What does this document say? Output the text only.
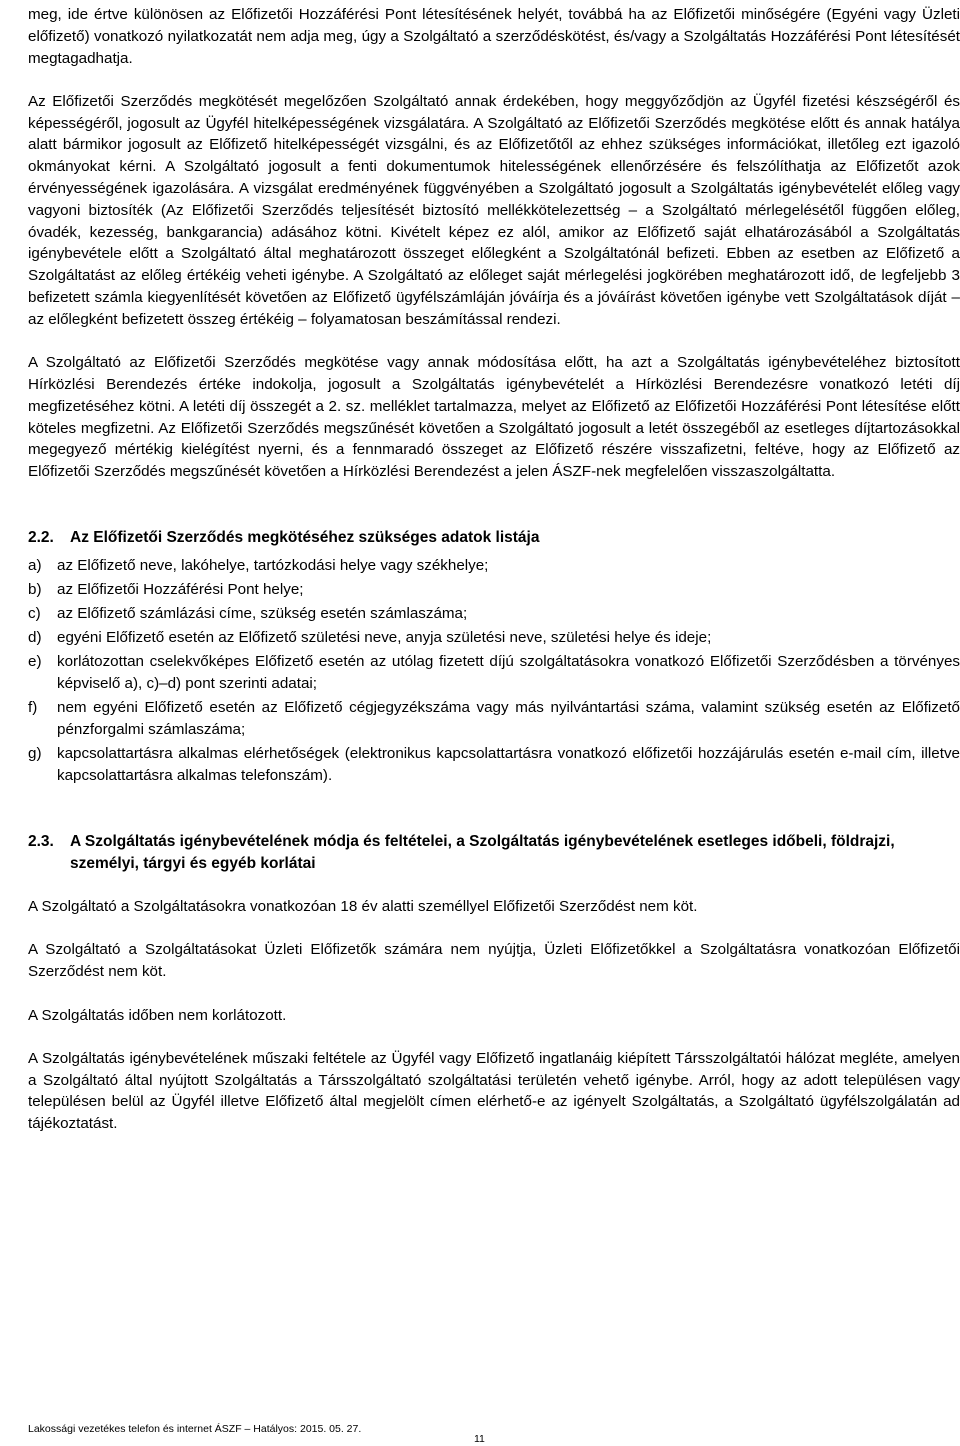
meg, ide értve különösen az Előfizetői Hozzáférési Pont létesítésének helyét, továbbá ha az Előfizetői minőségére (Egyéni vagy Üzleti előfizető) vonatkozó nyilatkozatát nem adja meg, úgy a Szolgáltató a szerződéskötést, és/vagy a Szolgáltatás Hozzáférési Pont létesítését megtagadhatja.

Az Előfizetői Szerződés megkötését megelőzően Szolgáltató annak érdekében, hogy meggyőződjön az Ügyfél fizetési készségéről és képességéről, jogosult az Ügyfél hitelképességének vizsgálatára. A Szolgáltató az Előfizetői Szerződés megkötése előtt és annak hatálya alatt bármikor jogosult az Előfizető hitelképességét vizsgálni, és az Előfizetőtől az ehhez szükséges információkat, illetőleg ezt igazoló okmányokat kérni. A Szolgáltató jogosult a fenti dokumentumok hitelességének ellenőrzésére és felszólíthatja az Előfizetőt azok érvényességének igazolására. A vizsgálat eredményének függvényében a Szolgáltató jogosult a Szolgáltatás igénybevételét előleg vagy vagyoni biztosíték (Az Előfizetői Szerződés teljesítését biztosító mellékkötelezettség – a Szolgáltató mérlegelésétől függően előleg, óvadék, kezesség, bankgarancia) adásához kötni. Kivételt képez ez alól, amikor az Előfizető saját elhatározásából a Szolgáltatás igénybevétele előtt a Szolgáltató által meghatározott összeget előlegként a Szolgáltatónál befizeti. Ebben az esetben az Előfizető a Szolgáltatást az előleg értékéig veheti igénybe. A Szolgáltató az előleget saját mérlegelési jogkörében meghatározott idő, de legfeljebb 3 befizetett számla kiegyenlítését követően az Előfizető ügyfélszámláján jóváírja és a jóváírást követően igénybe vett Szolgáltatások díját – az előlegként befizetett összeg értékéig – folyamatosan beszámítással rendezi.

A Szolgáltató az Előfizetői Szerződés megkötése vagy annak módosítása előtt, ha azt a Szolgáltatás igénybevételéhez biztosított Hírközlési Berendezés értéke indokolja, jogosult a Szolgáltatás igénybevételét a Hírközlési Berendezésre vonatkozó letéti díj megfizetéséhez kötni. A letéti díj összegét a 2. sz. melléklet tartalmazza, melyet az Előfizető az Előfizetői Hozzáférési Pont létesítése előtt köteles megfizetni. Az Előfizetői Szerződés megszűnését követően a Szolgáltató jogosult a letét összegéből az esetleges díjtartozásokkal megegyező mértékig kielégítést nyerni, és a fennmaradó összeget az Előfizető részére visszafizetni, feltéve, hogy az Előfizető az Előfizetői Szerződés megszűnését követően a Hírközlési Berendezést a jelen ÁSZF-nek megfelelően visszaszolgáltatta.

2.2.	Az Előfizetői Szerződés megkötéséhez szükséges adatok listája
a)	az Előfizető neve, lakóhelye, tartózkodási helye vagy székhelye;
b)	az Előfizetői Hozzáférési Pont helye;
c)	az Előfizető számlázási címe, szükség esetén számlaszáma;
d)	egyéni Előfizető esetén az Előfizető születési neve, anyja születési neve, születési helye és ideje;
e)	korlátozottan cselekvőképes Előfizető esetén az utólag fizetett díjú szolgáltatásokra vonatkozó Előfizetői Szerződésben a törvényes képviselő a), c)–d) pont szerinti adatai;
f)	nem egyéni Előfizető esetén az Előfizető cégjegyzékszáma vagy más nyilvántartási száma, valamint szükség esetén az Előfizető pénzforgalmi számlaszáma;
g)	kapcsolattartásra alkalmas elérhetőségek (elektronikus kapcsolattartásra vonatkozó előfizetői hozzájárulás esetén e-mail cím, illetve kapcsolattartásra alkalmas telefonszám).
2.3.	A Szolgáltatás igénybevételének módja és feltételei, a Szolgáltatás igénybevételének esetleges időbeli, földrajzi, személyi, tárgyi és egyéb korlátai

A Szolgáltató a Szolgáltatásokra vonatkozóan 18 év alatti személlyel Előfizetői Szerződést nem köt.

A Szolgáltató a Szolgáltatásokat Üzleti Előfizetők számára nem nyújtja, Üzleti Előfizetőkkel a Szolgáltatásra vonatkozóan Előfizetői Szerződést nem köt.

A Szolgáltatás időben nem korlátozott.

A Szolgáltatás igénybevételének műszaki feltétele az Ügyfél vagy Előfizető ingatlanáig kiépített Társszolgáltatói hálózat megléte, amelyen a Szolgáltató által nyújtott Szolgáltatás a Társszolgáltató szolgáltatási területén vehető igénybe. Arról, hogy az adott településen vagy településen belül az Ügyfél illetve Előfizető által megjelölt címen elérhető-e az igényelt Szolgáltatás, a Szolgáltató ügyfélszolgálatán ad tájékoztatást.

Lakossági vezetékes telefon és internet ÁSZF – Hatályos: 2015. 05. 27.
11
